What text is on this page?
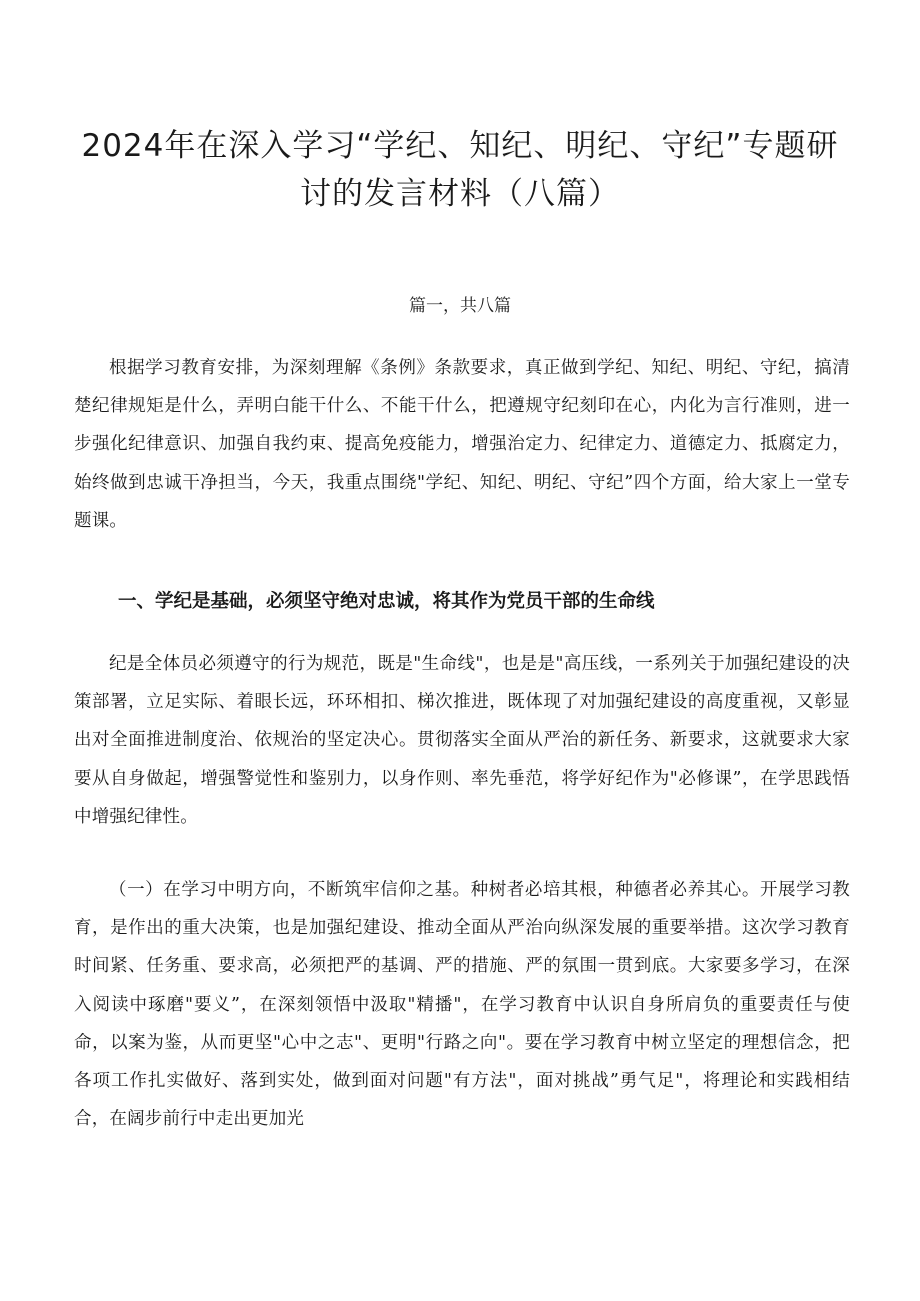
2024年在深入学习“学纪、知纪、明纪、守纪”专题研讨的发言材料（八篇）

篇一，共八篇

根据学习教育安排，为深刻理解《条例》条款要求，真正做到学纪、知纪、明纪、守纪，搞清楚纪律规矩是什么，弄明白能干什么、不能干什么，把遵规守纪刻印在心，内化为言行准则，进一步强化纪律意识、加强自我约束、提高免疫能力，增强治定力、纪律定力、道德定力、抵腐定力，始终做到忠诚干净担当，今天，我重点围绕"学纪、知纪、明纪、守纪”四个方面，给大家上一堂专题课。

一、学纪是基础，必须坚守绝对忠诚，将其作为党员干部的生命线

纪是全体员必须遵守的行为规范，既是"生命线"，也是是"高压线，一系列关于加强纪建设的决策部署，立足实际、着眼长远，环环相扣、梯次推进，既体现了对加强纪建设的高度重视，又彰显出对全面推进制度治、依规治的坚定决心。贯彻落实全面从严治的新任务、新要求，这就要求大家要从自身做起，增强警觉性和鉴别力，以身作则、率先垂范，将学好纪作为"必修课”，在学思践悟中增强纪律性。

（一）在学习中明方向，不断筑牢信仰之基。种树者必培其根，种德者必养其心。开展学习教育，是作出的重大决策，也是加强纪建设、推动全面从严治向纵深发展的重要举措。这次学习教育时间紧、任务重、要求高，必须把严的基调、严的措施、严的氛围一贯到底。大家要多学习，在深入阅读中琢磨"要义”，在深刻领悟中汲取"精播"，在学习教育中认识自身所肩负的重要责任与使命，以案为鉴，从而更坚"心中之志"、更明"行路之向"。要在学习教育中树立坚定的理想信念，把各项工作扎实做好、落到实处，做到面对问题"有方法"，面对挑战”勇气足"，将理论和实践相结合，在阔步前行中走出更加光
